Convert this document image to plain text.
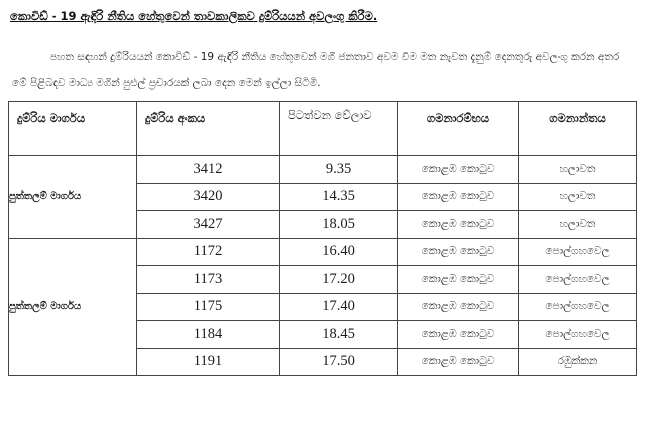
කොවිඩ් - 19 ඇඳිරි නීතිය හේතුවෙන් තාවකාලිකව දුම්රියයන් අවලංගු කිරීම.
පහත සඳහන් දුම්රියයන් කොවිඩ් - 19 ඇඳිරි නීතිය හේතුවෙන් මගී ජනතාව අවම වීම මත නැවත දැනුම් දෙනතුරු අවලංගු කරන අතර මේ පිළිබඳව මාධ්‍ය මගින් පුළුල් ප්‍රචාරයක් ලබා දෙන මෙන් ඉල්ලා සිටිමි.
දුම්රිය මාර්ගය	දුම්රිය අංකය	පිටත්වන වේලාව	ගමනාරම්භය	ගමනාන්තය
පුත්තලම් මාර්ගය	3412	9.35	කොළඹ කොටුව	හලාවත
	3420	14.35	කොළඹ කොටුව	හලාවත
	3427	18.05	කොළඹ කොටුව	හලාවත
පුත්තලම් මාර්ගය	1172	16.40	කොළඹ කොටුව	පොල්ගහවෙල
	1173	17.20	කොළඹ කොටුව	පොල්ගහවෙල
	1175	17.40	කොළඹ කොටුව	පොල්ගහවෙල
	1184	18.45	කොළඹ කොටුව	පොල්ගහවෙල
	1191	17.50	කොළඹ කොටුව	රඹුක්කන
